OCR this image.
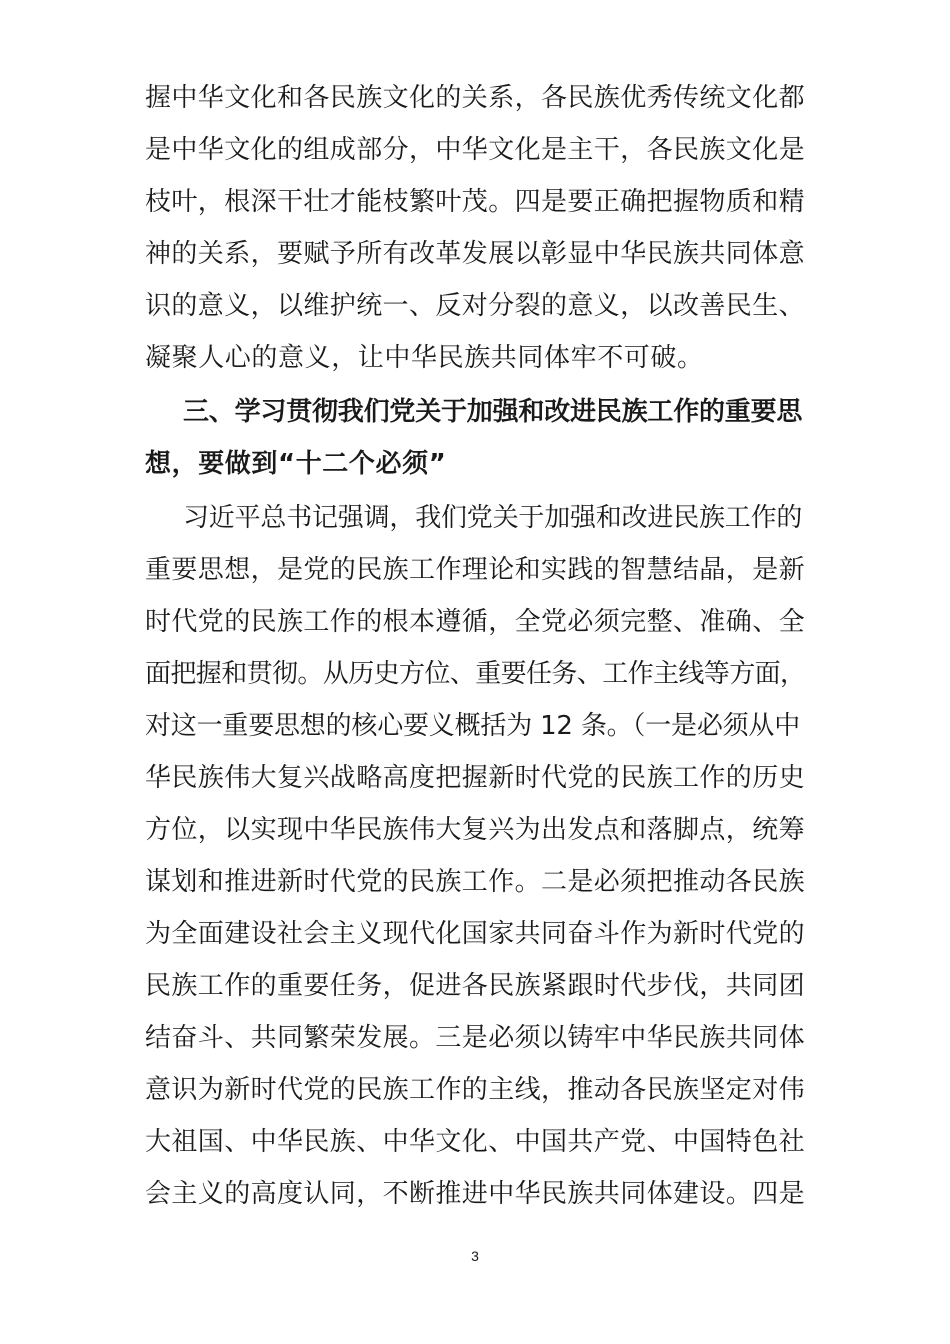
握中华文化和各民族文化的关系，各民族优秀传统文化都
是中华文化的组成部分，中华文化是主干，各民族文化是
枝叶，根深干壮才能枝繁叶茂。四是要正确把握物质和精
神的关系，要赋予所有改革发展以彰显中华民族共同体意
识的意义，以维护统一、反对分裂的意义，以改善民生、
凝聚人心的意义，让中华民族共同体牢不可破。
三、学习贯彻我们党关于加强和改进民族工作的重要思
想，要做到“十二个必须”
习近平总书记强调，我们党关于加强和改进民族工作的
重要思想，是党的民族工作理论和实践的智慧结晶，是新
时代党的民族工作的根本遵循，全党必须完整、准确、全
面把握和贯彻。从历史方位、重要任务、工作主线等方面，
对这一重要思想的核心要义概括为 12 条。（一是必须从中
华民族伟大复兴战略高度把握新时代党的民族工作的历史
方位，以实现中华民族伟大复兴为出发点和落脚点，统筹
谋划和推进新时代党的民族工作。二是必须把推动各民族
为全面建设社会主义现代化国家共同奋斗作为新时代党的
民族工作的重要任务，促进各民族紧跟时代步伐，共同团
结奋斗、共同繁荣发展。三是必须以铸牢中华民族共同体
意识为新时代党的民族工作的主线，推动各民族坚定对伟
大祖国、中华民族、中华文化、中国共产党、中国特色社
会主义的高度认同，不断推进中华民族共同体建设。四是
3
